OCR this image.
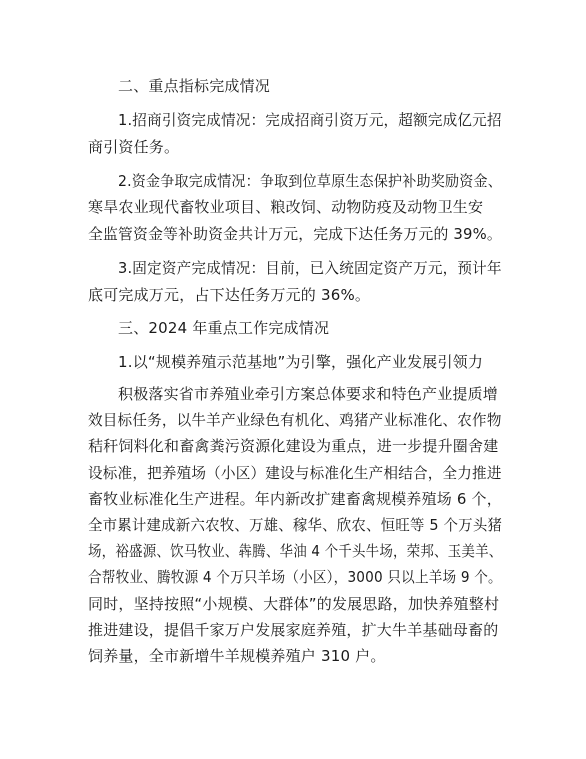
二、重点指标完成情况
1.招商引资完成情况：完成招商引资万元，超额完成亿元招
商引资任务。
2.资金争取完成情况：争取到位草原生态保护补助奖励资金、
寒旱农业现代畜牧业项目、粮改饲、动物防疫及动物卫生安
全监管资金等补助资金共计万元，完成下达任务万元的 39%。
3.固定资产完成情况：目前，已入统固定资产万元，预计年
底可完成万元，占下达任务万元的 36%。
三、2024 年重点工作完成情况
1.以“规模养殖示范基地”为引擎，强化产业发展引领力
积极落实省市养殖业牵引方案总体要求和特色产业提质增
效目标任务，以牛羊产业绿色有机化、鸡猪产业标准化、农作物
秸秆饲料化和畜禽粪污资源化建设为重点，进一步提升圈舍建
设标准，把养殖场（小区）建设与标准化生产相结合，全力推进
畜牧业标准化生产进程。年内新改扩建畜禽规模养殖场 6 个，
全市累计建成新六农牧、万雄、稼华、欣农、恒旺等 5 个万头猪
场，裕盛源、饮马牧业、犇腾、华油 4 个千头牛场，荣邦、玉美羊、
合帮牧业、腾牧源 4 个万只羊场（小区），3000 只以上羊场 9 个。
同时，坚持按照“小规模、大群体”的发展思路，加快养殖整村
推进建设，提倡千家万户发展家庭养殖，扩大牛羊基础母畜的
饲养量，全市新增牛羊规模养殖户 310 户。
